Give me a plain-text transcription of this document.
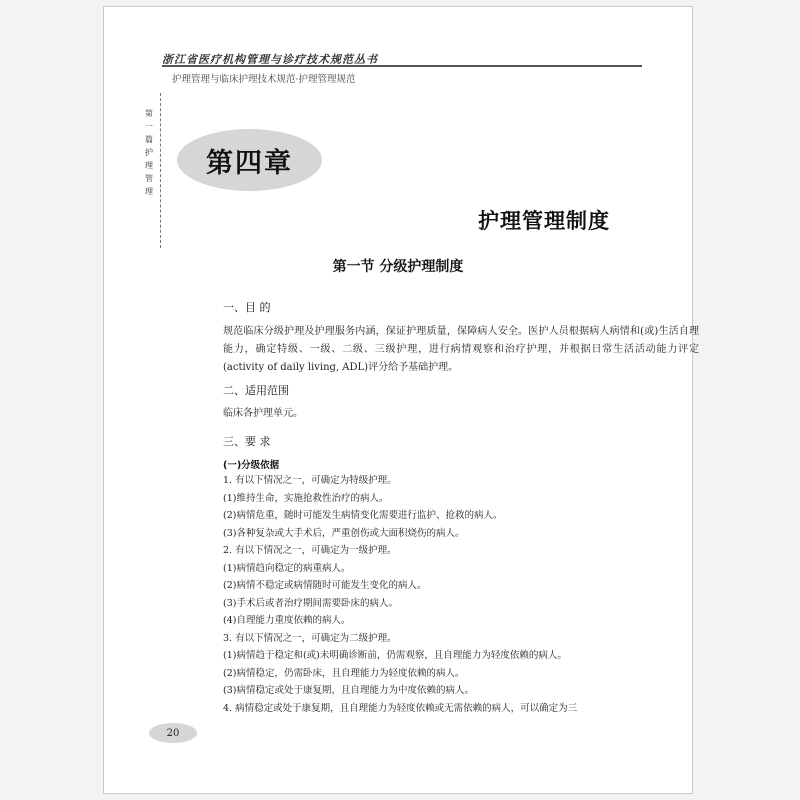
浙江省医疗机构管理与诊疗技术规范丛书
护理管理与临床护理技术规范·护理管理规范
第一篇 护理管理
第四章
护理管理制度
第一节 分级护理制度
一、目 的
规范临床分级护理及护理服务内涵，保证护理质量，保障病人安全。医护人员根据病人病情和(或)生活自理能力，确定特级、一级、二级、三级护理，进行病情观察和治疗护理，并根据日常生活活动能力评定(activity of daily living, ADL)评分给予基础护理。
二、适用范围
临床各护理单元。
三、要 求
(一)分级依据
1. 有以下情况之一，可确定为特级护理。
(1)维持生命，实施抢救性治疗的病人。
(2)病情危重，随时可能发生病情变化需要进行监护、抢救的病人。
(3)各种复杂或大手术后，严重创伤或大面积烧伤的病人。
2. 有以下情况之一，可确定为一级护理。
(1)病情趋向稳定的病重病人。
(2)病情不稳定或病情随时可能发生变化的病人。
(3)手术后或者治疗期间需要卧床的病人。
(4)自理能力重度依赖的病人。
3. 有以下情况之一，可确定为二级护理。
(1)病情趋于稳定和(或)未明确诊断前，仍需观察，且自理能力为轻度依赖的病人。
(2)病情稳定，仍需卧床，且自理能力为轻度依赖的病人。
(3)病情稳定或处于康复期，且自理能力为中度依赖的病人。
4. 病情稳定或处于康复期，且自理能力为轻度依赖或无需依赖的病人，可以确定为三
20
